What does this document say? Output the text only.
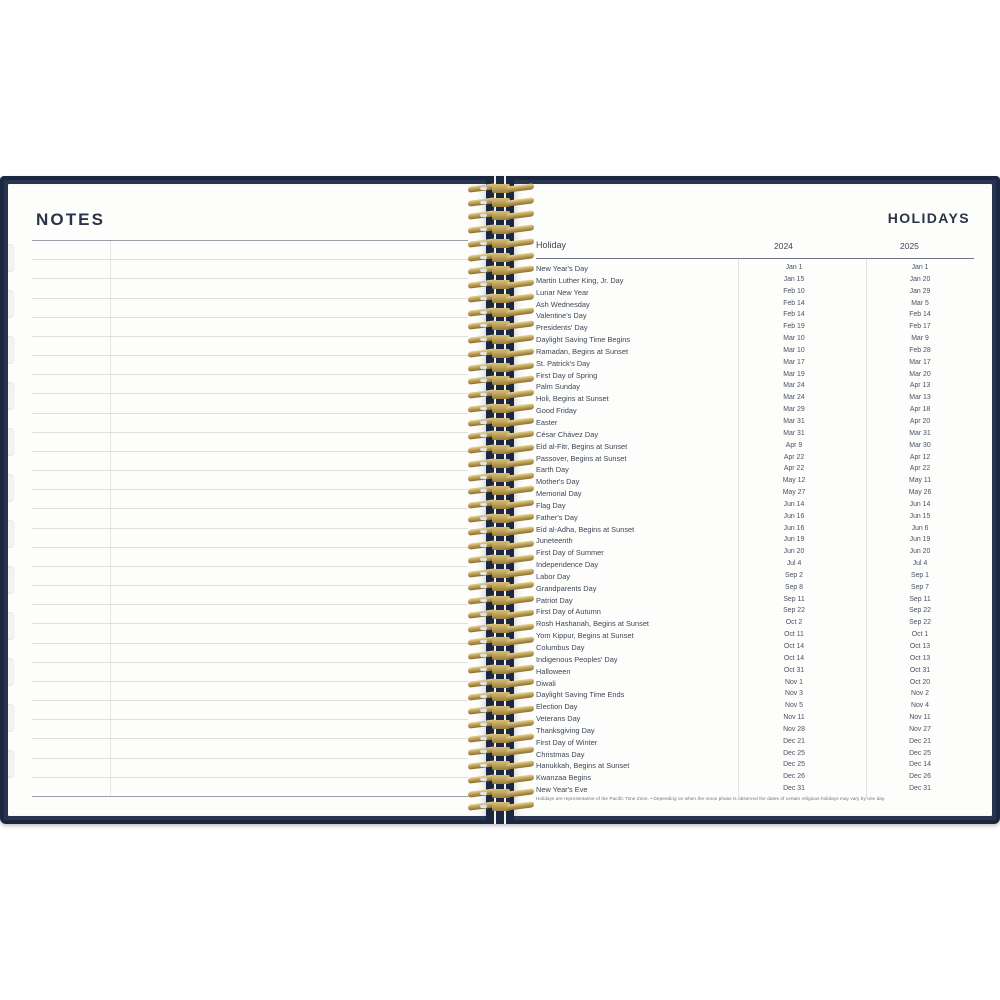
NOTES	HOLIDAYS
Holiday	2024	2025
New Year's Day	Jan 1	Jan 1
Martin Luther King, Jr. Day	Jan 15	Jan 20
Lunar New Year	Feb 10	Jan 29
Ash Wednesday	Feb 14	Mar 5
Valentine's Day	Feb 14	Feb 14
Presidents' Day	Feb 19	Feb 17
Daylight Saving Time Begins	Mar 10	Mar 9
Ramadan, Begins at Sunset	Mar 10	Feb 28
St. Patrick's Day	Mar 17	Mar 17
First Day of Spring	Mar 19	Mar 20
Palm Sunday	Mar 24	Apr 13
Holi, Begins at Sunset	Mar 24	Mar 13
Good Friday	Mar 29	Apr 18
Easter	Mar 31	Apr 20
César Chávez Day	Mar 31	Mar 31
Eid al-Fitr, Begins at Sunset	Apr 9	Mar 30
Passover, Begins at Sunset	Apr 22	Apr 12
Earth Day	Apr 22	Apr 22
Mother's Day	May 12	May 11
Memorial Day	May 27	May 26
Flag Day	Jun 14	Jun 14
Father's Day	Jun 16	Jun 15
Eid al-Adha, Begins at Sunset	Jun 16	Jun 6
Juneteenth	Jun 19	Jun 19
First Day of Summer	Jun 20	Jun 20
Independence Day	Jul 4	Jul 4
Labor Day	Sep 2	Sep 1
Grandparents Day	Sep 8	Sep 7
Patriot Day	Sep 11	Sep 11
First Day of Autumn	Sep 22	Sep 22
Rosh Hashanah, Begins at Sunset	Oct 2	Sep 22
Yom Kippur, Begins at Sunset	Oct 11	Oct 1
Columbus Day	Oct 14	Oct 13
Indigenous Peoples' Day	Oct 14	Oct 13
Halloween	Oct 31	Oct 31
Diwali	Nov 1	Oct 20
Daylight Saving Time Ends	Nov 3	Nov 2
Election Day	Nov 5	Nov 4
Veterans Day	Nov 11	Nov 11
Thanksgiving Day	Nov 28	Nov 27
First Day of Winter	Dec 21	Dec 21
Christmas Day	Dec 25	Dec 25
Hanukkah, Begins at Sunset	Dec 25	Dec 14
Kwanzaa Begins	Dec 26	Dec 26
New Year's Eve	Dec 31	Dec 31
Holidays are representative of the Pacific Time Zone. • Depending on when the moon phase is observed the dates of certain religious holidays may vary by one day.
